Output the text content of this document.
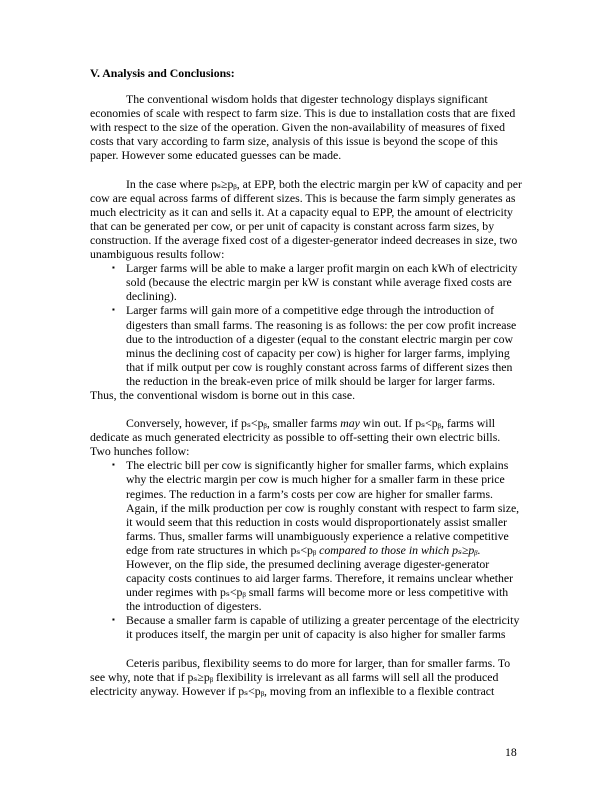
V. Analysis and Conclusions:

The conventional wisdom holds that digester technology displays significant economies of scale with respect to farm size. This is due to installation costs that are fixed with respect to the size of the operation. Given the non-availability of measures of fixed costs that vary according to farm size, analysis of this issue is beyond the scope of this paper. However some educated guesses can be made.

In the case where pₛ≥pᵦ, at EPP, both the electric margin per kW of capacity and per cow are equal across farms of different sizes. This is because the farm simply generates as much electricity as it can and sells it. At a capacity equal to EPP, the amount of electricity that can be generated per cow, or per unit of capacity is constant across farm sizes, by construction. If the average fixed cost of a digester-generator indeed decreases in size, two unambiguous results follow:

▪ Larger farms will be able to make a larger profit margin on each kWh of electricity sold (because the electric margin per kW is constant while average fixed costs are declining).
▪ Larger farms will gain more of a competitive edge through the introduction of digesters than small farms. The reasoning is as follows: the per cow profit increase due to the introduction of a digester (equal to the constant electric margin per cow minus the declining cost of capacity per cow) is higher for larger farms, implying that if milk output per cow is roughly constant across farms of different sizes then the reduction in the break-even price of milk should be larger for larger farms.

Thus, the conventional wisdom is borne out in this case.

Conversely, however, if pₛ<pᵦ, smaller farms may win out. If pₛ<pᵦ, farms will dedicate as much generated electricity as possible to off-setting their own electric bills. Two hunches follow:

▪ The electric bill per cow is significantly higher for smaller farms, which explains why the electric margin per cow is much higher for a smaller farm in these price regimes. The reduction in a farm’s costs per cow are higher for smaller farms. Again, if the milk production per cow is roughly constant with respect to farm size, it would seem that this reduction in costs would disproportionately assist smaller farms. Thus, smaller farms will unambiguously experience a relative competitive edge from rate structures in which pₛ<pᵦ compared to those in which pₛ≥pᵦ. However, on the flip side, the presumed declining average digester-generator capacity costs continues to aid larger farms. Therefore, it remains unclear whether under regimes with pₛ<pᵦ small farms will become more or less competitive with the introduction of digesters.
▪ Because a smaller farm is capable of utilizing a greater percentage of the electricity it produces itself, the margin per unit of capacity is also higher for smaller farms

Ceteris paribus, flexibility seems to do more for larger, than for smaller farms. To see why, note that if pₛ≥pᵦ flexibility is irrelevant as all farms will sell all the produced electricity anyway. However if pₛ<pᵦ, moving from an inflexible to a flexible contract

18
